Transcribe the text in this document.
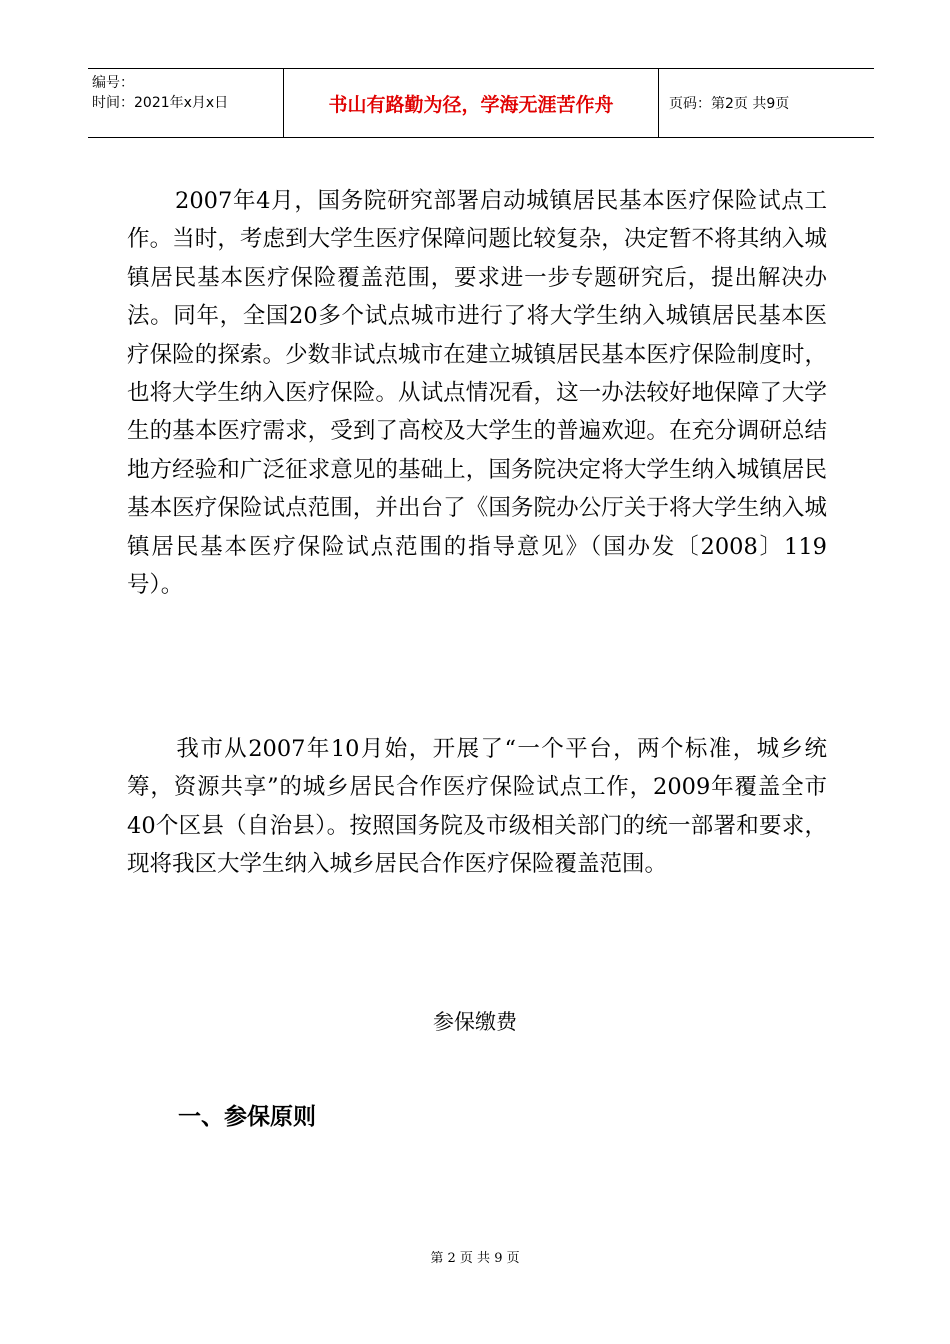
编号：
时间：2021年x月x日	书山有路勤为径，学海无涯苦作舟	页码：第2页 共9页
2007年4月，国务院研究部署启动城镇居民基本医疗保险试点工作。当时，考虑到大学生医疗保障问题比较复杂，决定暂不将其纳入城镇居民基本医疗保险覆盖范围，要求进一步专题研究后，提出解决办法。同年，全国20多个试点城市进行了将大学生纳入城镇居民基本医疗保险的探索。少数非试点城市在建立城镇居民基本医疗保险制度时，也将大学生纳入医疗保险。从试点情况看，这一办法较好地保障了大学生的基本医疗需求，受到了高校及大学生的普遍欢迎。在充分调研总结地方经验和广泛征求意见的基础上，国务院决定将大学生纳入城镇居民基本医疗保险试点范围，并出台了《国务院办公厅关于将大学生纳入城镇居民基本医疗保险试点范围的指导意见》（国办发〔2008〕119号）。
我市从2007年10月始，开展了“一个平台，两个标准，城乡统筹，资源共享”的城乡居民合作医疗保险试点工作，2009年覆盖全市40个区县（自治县）。按照国务院及市级相关部门的统一部署和要求，现将我区大学生纳入城乡居民合作医疗保险覆盖范围。
参保缴费
一、参保原则
第 2 页 共 9 页
